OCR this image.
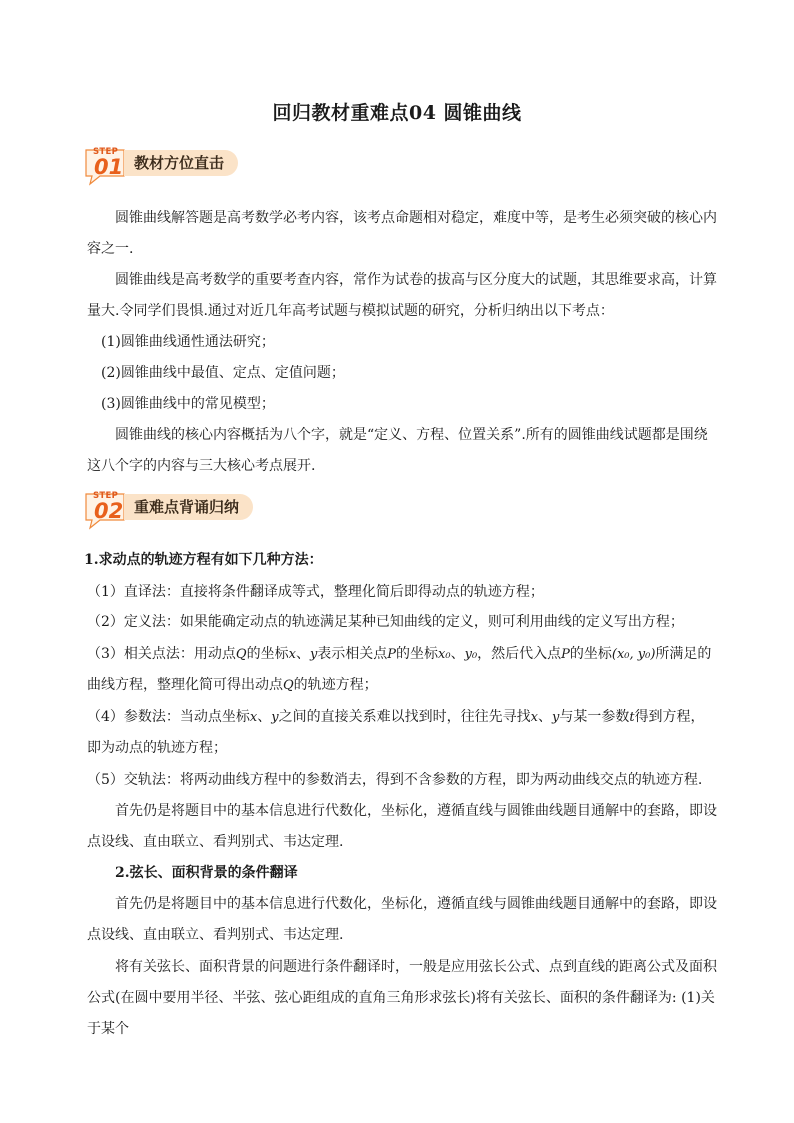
回归教材重难点04 圆锥曲线
STEP
01 教材方位直击
圆锥曲线解答题是高考数学必考内容，该考点命题相对稳定，难度中等，是考生必须突破的核心内容之一.
圆锥曲线是高考数学的重要考查内容，常作为试卷的拔高与区分度大的试题，其思维要求高，计算量大.令同学们畏惧.通过对近几年高考试题与模拟试题的研究，分析归纳出以下考点：
(1)圆锥曲线通性通法研究；
(2)圆锥曲线中最值、定点、定值问题；
(3)圆锥曲线中的常见模型；
圆锥曲线的核心内容概括为八个字，就是“定义、方程、位置关系”.所有的圆锥曲线试题都是围绕这八个字的内容与三大核心考点展开.
STEP
02 重难点背诵归纳
1.求动点的轨迹方程有如下几种方法：
（1）直译法：直接将条件翻译成等式，整理化简后即得动点的轨迹方程；
（2）定义法：如果能确定动点的轨迹满足某种已知曲线的定义，则可利用曲线的定义写出方程；
（3）相关点法：用动点Q的坐标x、y表示相关点P的坐标x₀、y₀，然后代入点P的坐标(x₀, y₀)所满足的
曲线方程，整理化简可得出动点Q的轨迹方程；
（4）参数法：当动点坐标x、y之间的直接关系难以找到时，往往先寻找x、y与某一参数t得到方程，
即为动点的轨迹方程；
（5）交轨法：将两动曲线方程中的参数消去，得到不含参数的方程，即为两动曲线交点的轨迹方程.
首先仍是将题目中的基本信息进行代数化，坐标化，遵循直线与圆锥曲线题目通解中的套路，即设点设线、直由联立、看判别式、韦达定理.
2.弦长、面积背景的条件翻译
首先仍是将题目中的基本信息进行代数化，坐标化，遵循直线与圆锥曲线题目通解中的套路，即设点设线、直由联立、看判别式、韦达定理.
将有关弦长、面积背景的问题进行条件翻译时，一般是应用弦长公式、点到直线的距离公式及面积公式(在圆中要用半径、半弦、弦心距组成的直角三角形求弦长)将有关弦长、面积的条件翻译为: (1)关于某个
